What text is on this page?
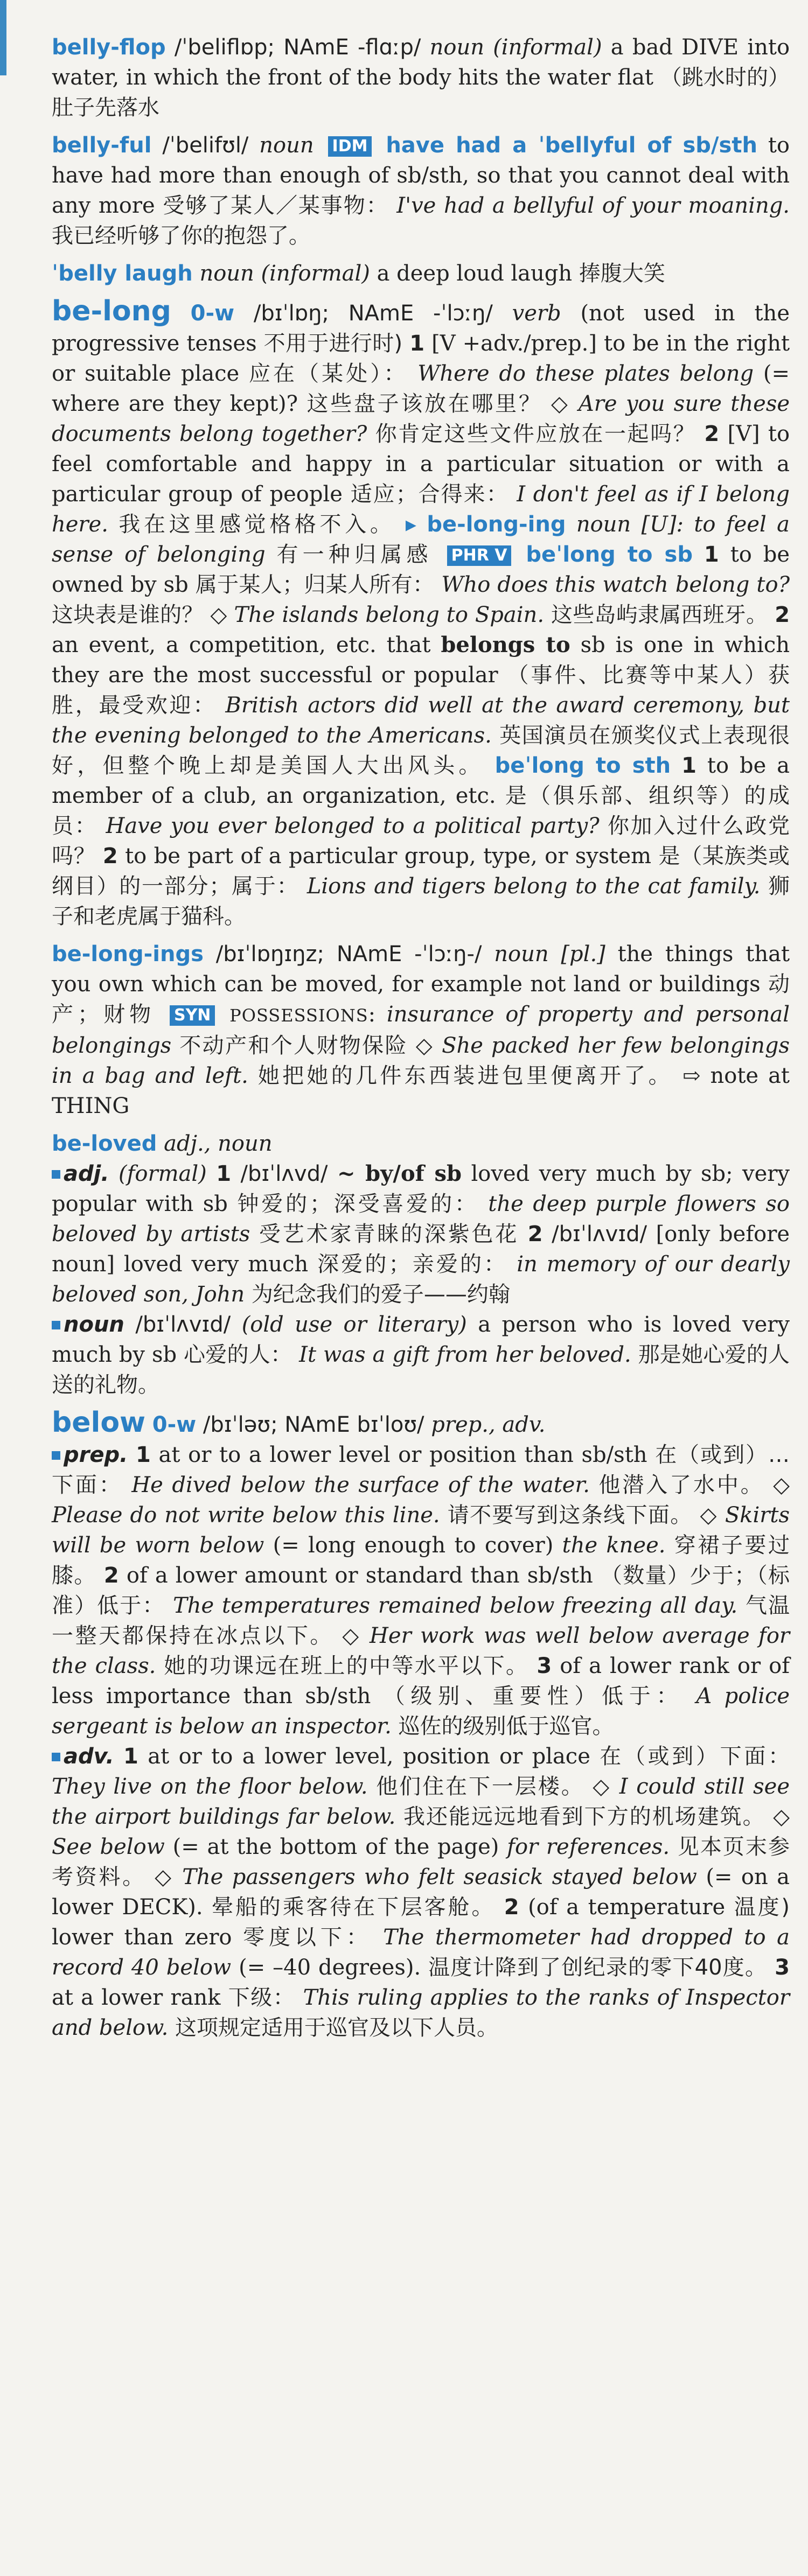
belly-flop /ˈbeliflɒp; NAmE -flɑːp/ noun (informal) a bad DIVE into water, in which the front of the body hits the water flat （跳水时的）肚子先落水
belly-ful /ˈbelifʊl/ noun IDM have had a ˈbellyful of sb/sth to have had more than enough of sb/sth, so that you cannot deal with any more 受够了某人／某事物： I've had a bellyful of your moaning. 我已经听够了你的抱怨了。
ˈbelly laugh noun (informal) a deep loud laugh 捧腹大笑
be-long 0-w /bɪˈlɒŋ; NAmE -ˈlɔːŋ/ verb (not used in the progressive tenses 不用于进行时) 1 [V +adv./prep.] to be in the right or suitable place 应在（某处）： Where do these plates belong (= where are they kept)? 这些盘子该放在哪里？ ◇ Are you sure these documents belong together? 你肯定这些文件应放在一起吗？ 2 [V] to feel comfortable and happy in a particular situation or with a particular group of people 适应；合得来： I don't feel as if I belong here. 我在这里感觉格格不入。 ▸ be-long-ing noun [U]: to feel a sense of belonging 有一种归属感 PHR V beˈlong to sb 1 to be owned by sb 属于某人；归某人所有： Who does this watch belong to? 这块表是谁的？ ◇ The islands belong to Spain. 这些岛屿隶属西班牙。 2 an event, a competition, etc. that belongs to sb is one in which they are the most successful or popular （事件、比赛等中某人）获胜，最受欢迎： British actors did well at the award ceremony, but the evening belonged to the Americans. 英国演员在颁奖仪式上表现很好，但整个晚上却是美国人大出风头。 beˈlong to sth 1 to be a member of a club, an organization, etc. 是（俱乐部、组织等）的成员： Have you ever belonged to a political party? 你加入过什么政党吗？ 2 to be part of a particular group, type, or system 是（某族类或纲目）的一部分；属于： Lions and tigers belong to the cat family. 狮子和老虎属于猫科。
be-long-ings /bɪˈlɒŋɪŋz; NAmE -ˈlɔːŋ-/ noun [pl.] the things that you own which can be moved, for example not land or buildings 动产；财物 SYN POSSESSIONS: insurance of property and personal belongings 不动产和个人财物保险 ◇ She packed her few belongings in a bag and left. 她把她的几件东西装进包里便离开了。 ⇨ note at THING
be-loved adj., noun
adj. (formal) 1 /bɪˈlʌvd/ ~ by/of sb loved very much by sb; very popular with sb 钟爱的；深受喜爱的： the deep purple flowers so beloved by artists 受艺术家青睐的深紫色花 2 /bɪˈlʌvɪd/ [only before noun] loved very much 深爱的；亲爱的： in memory of our dearly beloved son, John 为纪念我们的爱子——约翰
noun /bɪˈlʌvɪd/ (old use or literary) a person who is loved very much by sb 心爱的人： It was a gift from her beloved. 那是她心爱的人送的礼物。
below 0-w /bɪˈləʊ; NAmE bɪˈloʊ/ prep., adv.
prep. 1 at or to a lower level or position than sb/sth 在（或到）…下面： He dived below the surface of the water. 他潜入了水中。 ◇ Please do not write below this line. 请不要写到这条线下面。 ◇ Skirts will be worn below (= long enough to cover) the knee. 穿裙子要过膝。 2 of a lower amount or standard than sb/sth （数量）少于；（标准）低于： The temperatures remained below freezing all day. 气温一整天都保持在冰点以下。 ◇ Her work was well below average for the class. 她的功课远在班上的中等水平以下。 3 of a lower rank or of less importance than sb/sth （级别、重要性）低于： A police sergeant is below an inspector. 巡佐的级别低于巡官。
adv. 1 at or to a lower level, position or place 在（或到）下面： They live on the floor below. 他们住在下一层楼。 ◇ I could still see the airport buildings far below. 我还能远远地看到下方的机场建筑。 ◇ See below (= at the bottom of the page) for references. 见本页末参考资料。 ◇ The passengers who felt seasick stayed below (= on a lower DECK). 晕船的乘客待在下层客舱。 2 (of a temperature 温度) lower than zero 零度以下： The thermometer had dropped to a record 40 below (= –40 degrees). 温度计降到了创纪录的零下40度。 3 at a lower rank 下级： This ruling applies to the ranks of Inspector and below. 这项规定适用于巡官及以下人员。
